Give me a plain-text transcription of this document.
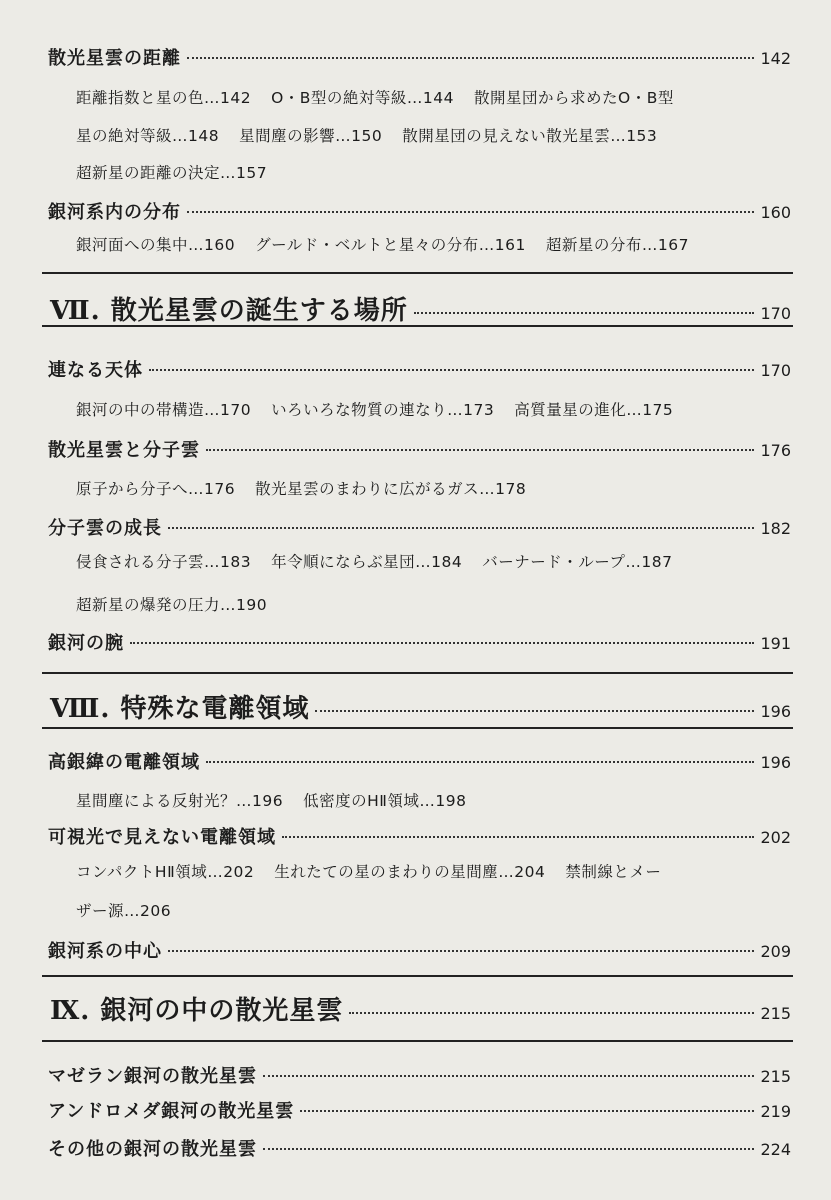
散光星雲の距離	142
距離指数と星の色…142 O・B型の絶対等級…144 散開星団から求めたO・B型
星の絶対等級…148 星間塵の影響…150 散開星団の見えない散光星雲…153
超新星の距離の決定…157
銀河系内の分布	160
銀河面への集中…160 グールド・ベルトと星々の分布…161 超新星の分布…167
Ⅶ. 散光星雲の誕生する場所	170
連なる天体	170
銀河の中の帯構造…170 いろいろな物質の連なり…173 高質量星の進化…175
散光星雲と分子雲	176
原子から分子へ…176 散光星雲のまわりに広がるガス…178
分子雲の成長	182
侵食される分子雲…183 年令順にならぶ星団…184 バーナード・ループ…187
超新星の爆発の圧力…190
銀河の腕	191
Ⅷ. 特殊な電離領域	196
高銀緯の電離領域	196
星間塵による反射光？…196 低密度のHⅡ領域…198
可視光で見えない電離領域	202
コンパクトHⅡ領域…202 生れたての星のまわりの星間塵…204 禁制線とメー
ザー源…206
銀河系の中心	209
Ⅸ. 銀河の中の散光星雲	215
マゼラン銀河の散光星雲	215
アンドロメダ銀河の散光星雲	219
その他の銀河の散光星雲	224
